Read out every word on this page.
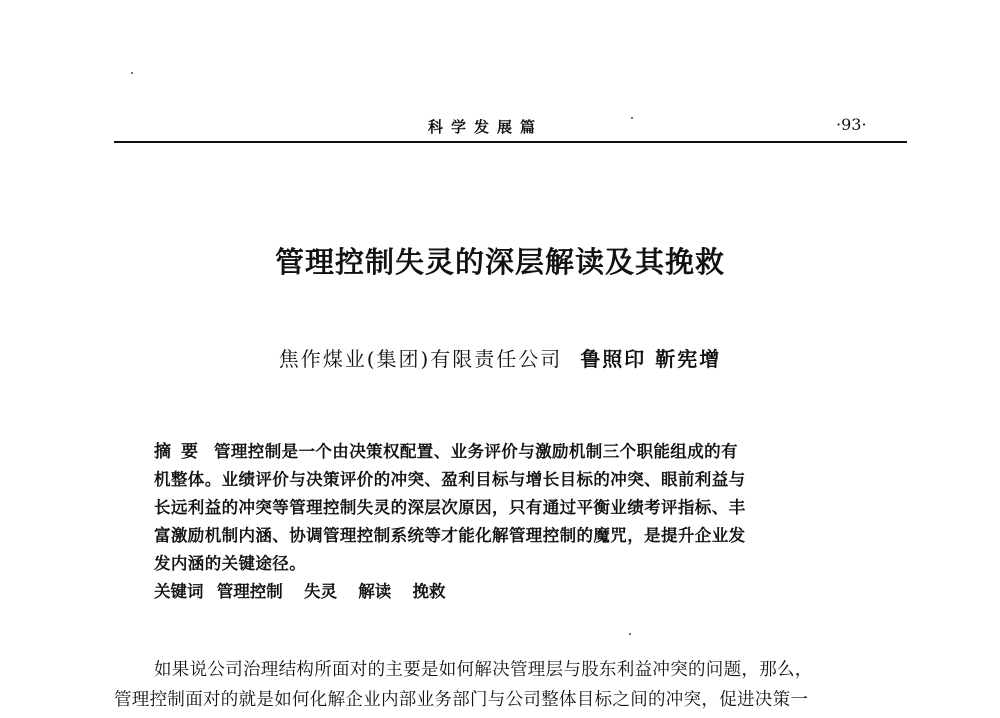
科学发展篇	·93·
管理控制失灵的深层解读及其挽救
焦作煤业(集团)有限责任公司 鲁照印 靳宪增
摘要 管理控制是一个由决策权配置、业务评价与激励机制三个职能组成的有
机整体。业绩评价与决策评价的冲突、盈利目标与增长目标的冲突、眼前利益与
长远利益的冲突等管理控制失灵的深层次原因，只有通过平衡业绩考评指标、丰
富激励机制内涵、协调管理控制系统等才能化解管理控制的魔咒，是提升企业发
发内涵的关键途径。
关键词 管理控制 失灵 解读 挽救
如果说公司治理结构所面对的主要是如何解决管理层与股东利益冲突的问题，那么，
管理控制面对的就是如何化解企业内部业务部门与公司整体目标之间的冲突，促进决策一
